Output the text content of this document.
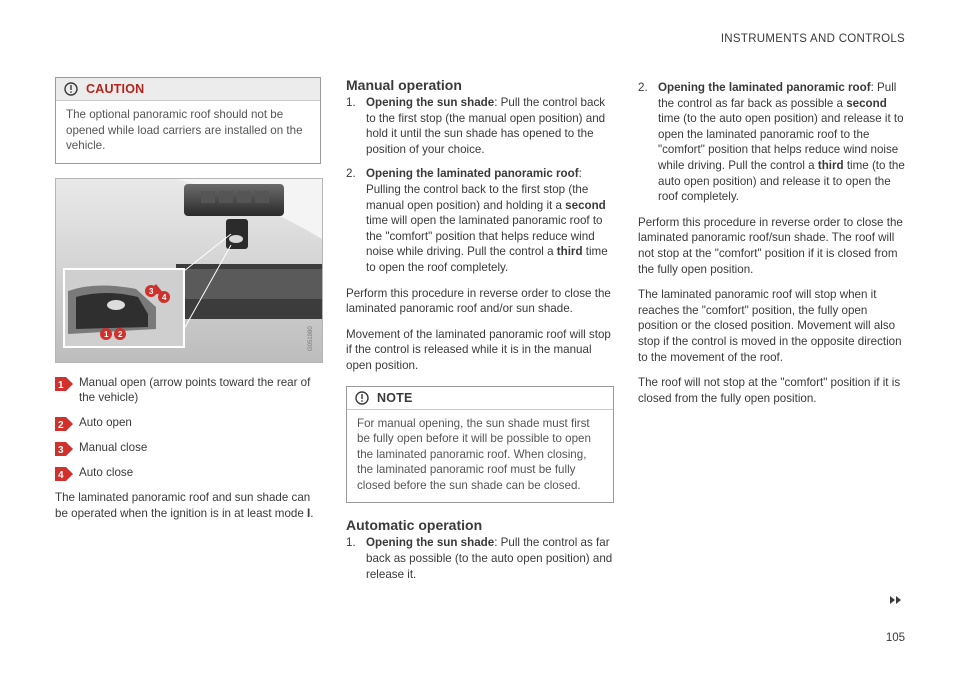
INSTRUMENTS AND CONTROLS
CAUTION

The optional panoramic roof should not be opened while load carriers are installed on the vehicle.

3
4
1 2	G051980
1 Manual open (arrow points toward the rear of the vehicle)
2 Auto open
3 Manual close
4 Auto close

The laminated panoramic roof and sun shade can be operated when the ignition is in at least mode I.

Manual operation
1. Opening the sun shade: Pull the control back to the first stop (the manual open position) and hold it until the sun shade has opened to the position of your choice.

2. Opening the laminated panoramic roof: Pulling the control back to the first stop (the manual open position) and holding it a second time will open the laminated panoramic roof to the "comfort" position that helps reduce wind noise while driving. Pull the control a third time to open the roof completely.

Perform this procedure in reverse order to close the laminated panoramic roof and/or sun shade.

Movement of the laminated panoramic roof will stop if the control is released while it is in the manual open position.

NOTE

For manual opening, the sun shade must first be fully open before it will be possible to open the laminated panoramic roof. When closing, the laminated panoramic roof must be fully closed before the sun shade can be closed.

Automatic operation
1. Opening the sun shade: Pull the control as far back as possible (to the auto open position) and release it.

2. Opening the laminated panoramic roof: Pull the control as far back as possible a second time (to the auto open position) and release it to open the laminated panoramic roof to the "comfort" position that helps reduce wind noise while driving. Pull the control a third time (to the auto open position) and release it to open the roof completely.

Perform this procedure in reverse order to close the laminated panoramic roof/sun shade. The roof will not stop at the "comfort" position if it is closed from the fully open position.

The laminated panoramic roof will stop when it reaches the "comfort" position, the fully open position or the closed position. Movement will also stop if the control is moved in the opposite direction to the movement of the roof.

The roof will not stop at the "comfort" position if it is closed from the fully open position.

105
